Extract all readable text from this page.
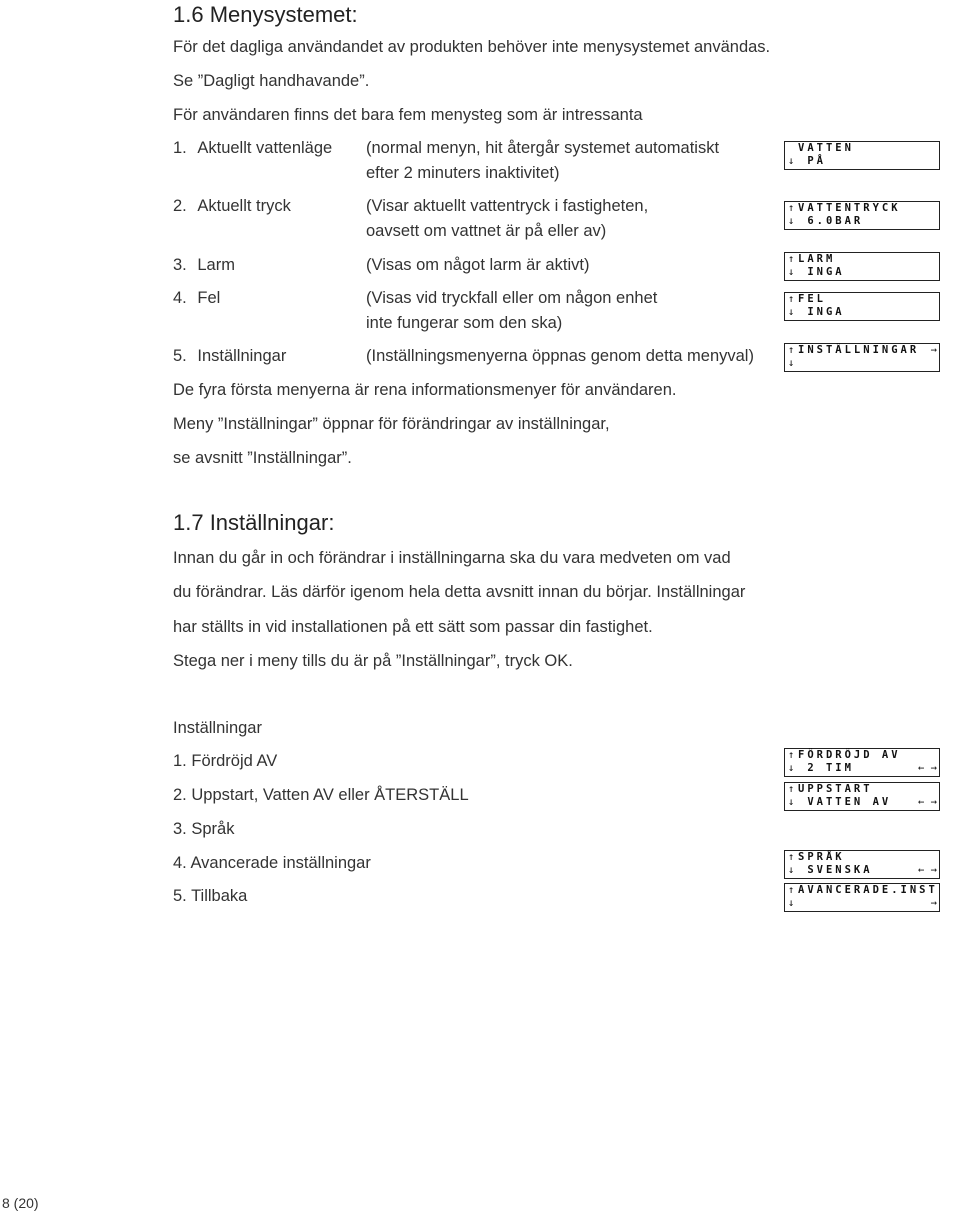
1.6 Menysystemet:
För det dagliga användandet av produkten behöver inte menysystemet användas.
Se ”Dagligt handhavande”.
För användaren finns det bara fem menysteg som är intressanta
1. Aktuellt vattenläge (normal menyn, hit återgår systemet automatiskt
efter 2 minuters inaktivitet)
2. Aktuellt tryck	(Visar aktuellt vattentryck i fastigheten,
oavsett om vattnet är på eller av)
3. Larm	(Visas om något larm är aktivt)
4. Fel	(Visas vid tryckfall eller om någon enhet
inte fungerar som den ska)
5. Inställningar	(Inställningsmenyerna öppnas genom detta menyval)
De fyra första menyerna är rena informationsmenyer för användaren.
Meny ”Inställningar” öppnar för förändringar av inställningar,
se avsnitt ”Inställningar”.
VATTEN
↓ PÅ
↑ VATTENTRYCK
↓ 6.0BAR
↑ LARM
↓ INGA
↑ FEL
↓ INGA
↑ INSTÄLLNINGAR →
↓
1.7 Inställningar:
Innan du går in och förändrar i inställningarna ska du vara medveten om vad
du förändrar. Läs därför igenom hela detta avsnitt innan du börjar. Inställningar
har ställts in vid installationen på ett sätt som passar din fastighet.
Stega ner i meny tills du är på ”Inställningar”, tryck OK.
Inställningar
1. Fördröjd AV
2. Uppstart, Vatten AV eller ÅTERSTÄLL
3. Språk
4. Avancerade inställningar
5. Tillbaka
↑ FÖRDRÖJD AV
↓ 2 TIM	← →
↑ UPPSTART
↓ VATTEN AV	← →
↑ SPRÅK
↓ SVENSKA	← →
↑ AVANCERADE.INST
↓	→
8 (20)
